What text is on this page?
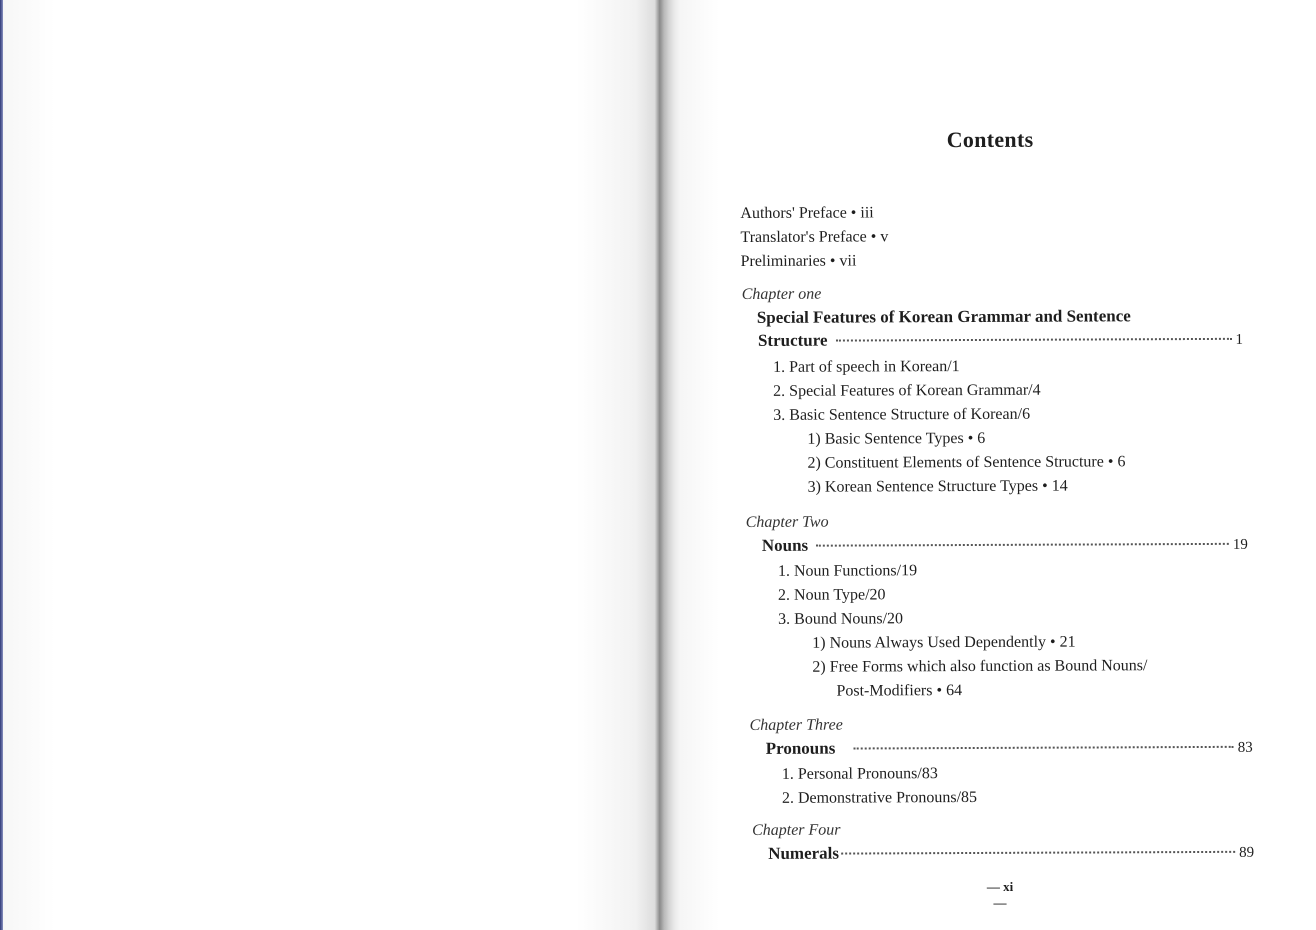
Contents
Authors' Preface • iii
Translator's Preface • v
Preliminaries • vii
Chapter one
Special Features of Korean Grammar and Sentence
Structure	1
1. Part of speech in Korean/1
2. Special Features of Korean Grammar/4
3. Basic Sentence Structure of Korean/6
1) Basic Sentence Types • 6
2) Constituent Elements of Sentence Structure • 6
3) Korean Sentence Structure Types • 14
Chapter Two
Nouns	19
1. Noun Functions/19
2. Noun Type/20
3. Bound Nouns/20
1) Nouns Always Used Dependently • 21
2) Free Forms which also function as Bound Nouns/
Post-Modifiers • 64
Chapter Three
Pronouns	83
1. Personal Pronouns/83
2. Demonstrative Pronouns/85
Chapter Four
Numerals	89
— xi —
